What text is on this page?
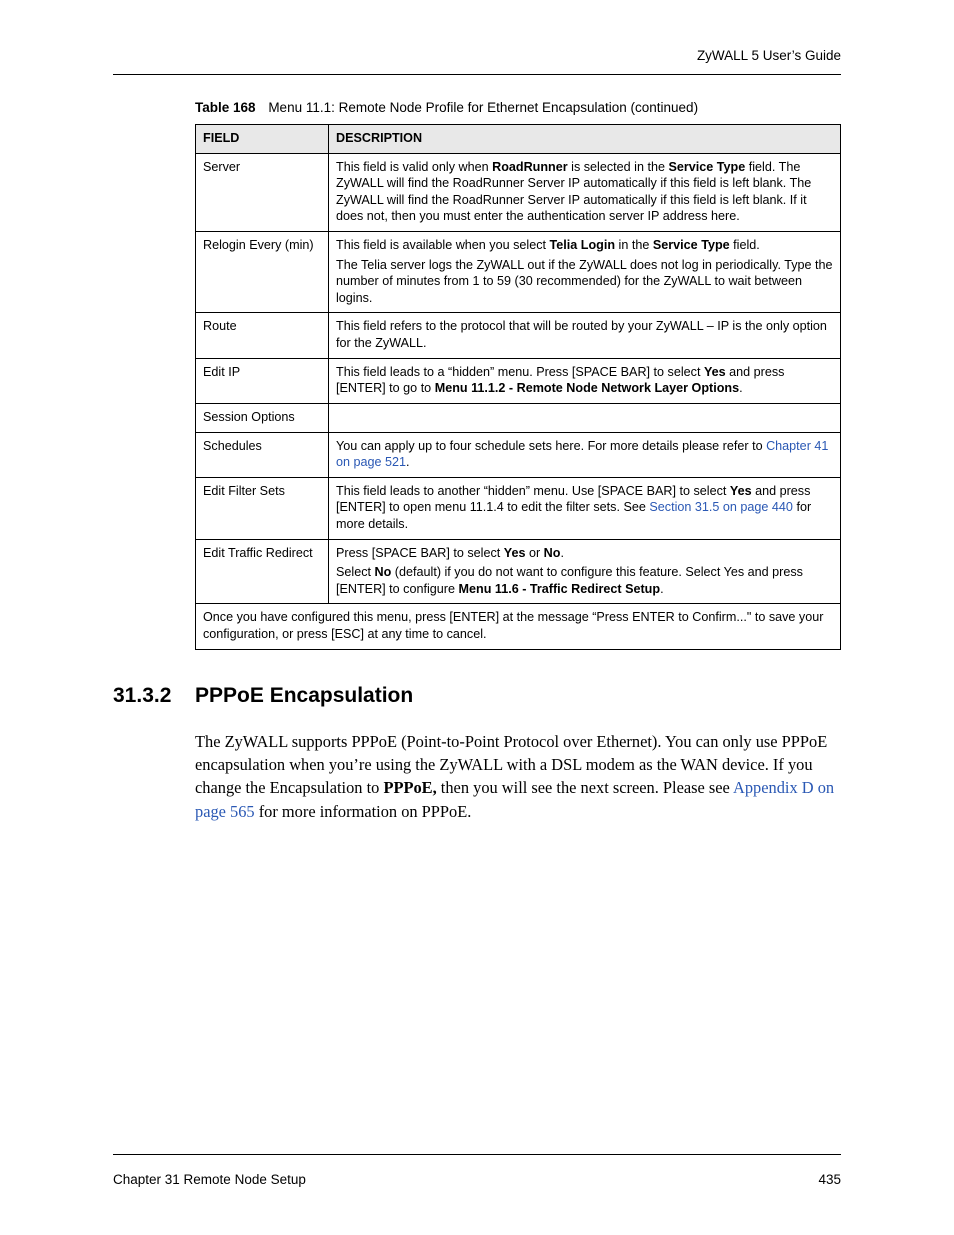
ZyWALL 5 User’s Guide
Table 168 Menu 11.1: Remote Node Profile for Ethernet Encapsulation (continued)
FIELD	DESCRIPTION
Server	This field is valid only when RoadRunner is selected in the Service Type field. The ZyWALL will find the RoadRunner Server IP automatically if this field is left blank. The ZyWALL will find the RoadRunner Server IP automatically if this field is left blank. If it does not, then you must enter the authentication server IP address here.

Relogin Every (min)	This field is available when you select Telia Login in the Service Type field.

The Telia server logs the ZyWALL out if the ZyWALL does not log in periodically. Type the number of minutes from 1 to 59 (30 recommended) for the ZyWALL to wait between logins.

Route	This field refers to the protocol that will be routed by your ZyWALL – IP is the only option for the ZyWALL.

Edit IP	This field leads to a “hidden” menu. Press [SPACE BAR] to select Yes and press [ENTER] to go to Menu 11.1.2 - Remote Node Network Layer Options.

Session Options	
Schedules	You can apply up to four schedule sets here. For more details please refer to Chapter 41 on page 521.

Edit Filter Sets	This field leads to another “hidden” menu. Use [SPACE BAR] to select Yes and press [ENTER] to open menu 11.1.4 to edit the filter sets. See Section 31.5 on page 440 for more details.

Edit Traffic Redirect	Press [SPACE BAR] to select Yes or No.

Select No (default) if you do not want to configure this feature. Select Yes and press [ENTER] to configure Menu 11.6 - Traffic Redirect Setup.

Once you have configured this menu, press [ENTER] at the message “Press ENTER to Confirm..." to save your configuration, or press [ESC] at any time to cancel.	
31.3.2 PPPoE Encapsulation

The ZyWALL supports PPPoE (Point-to-Point Protocol over Ethernet). You can only use PPPoE encapsulation when you’re using the ZyWALL with a DSL modem as the WAN device. If you change the Encapsulation to PPPoE, then you will see the next screen. Please see Appendix D on page 565 for more information on PPPoE.

Chapter 31 Remote Node Setup	435
